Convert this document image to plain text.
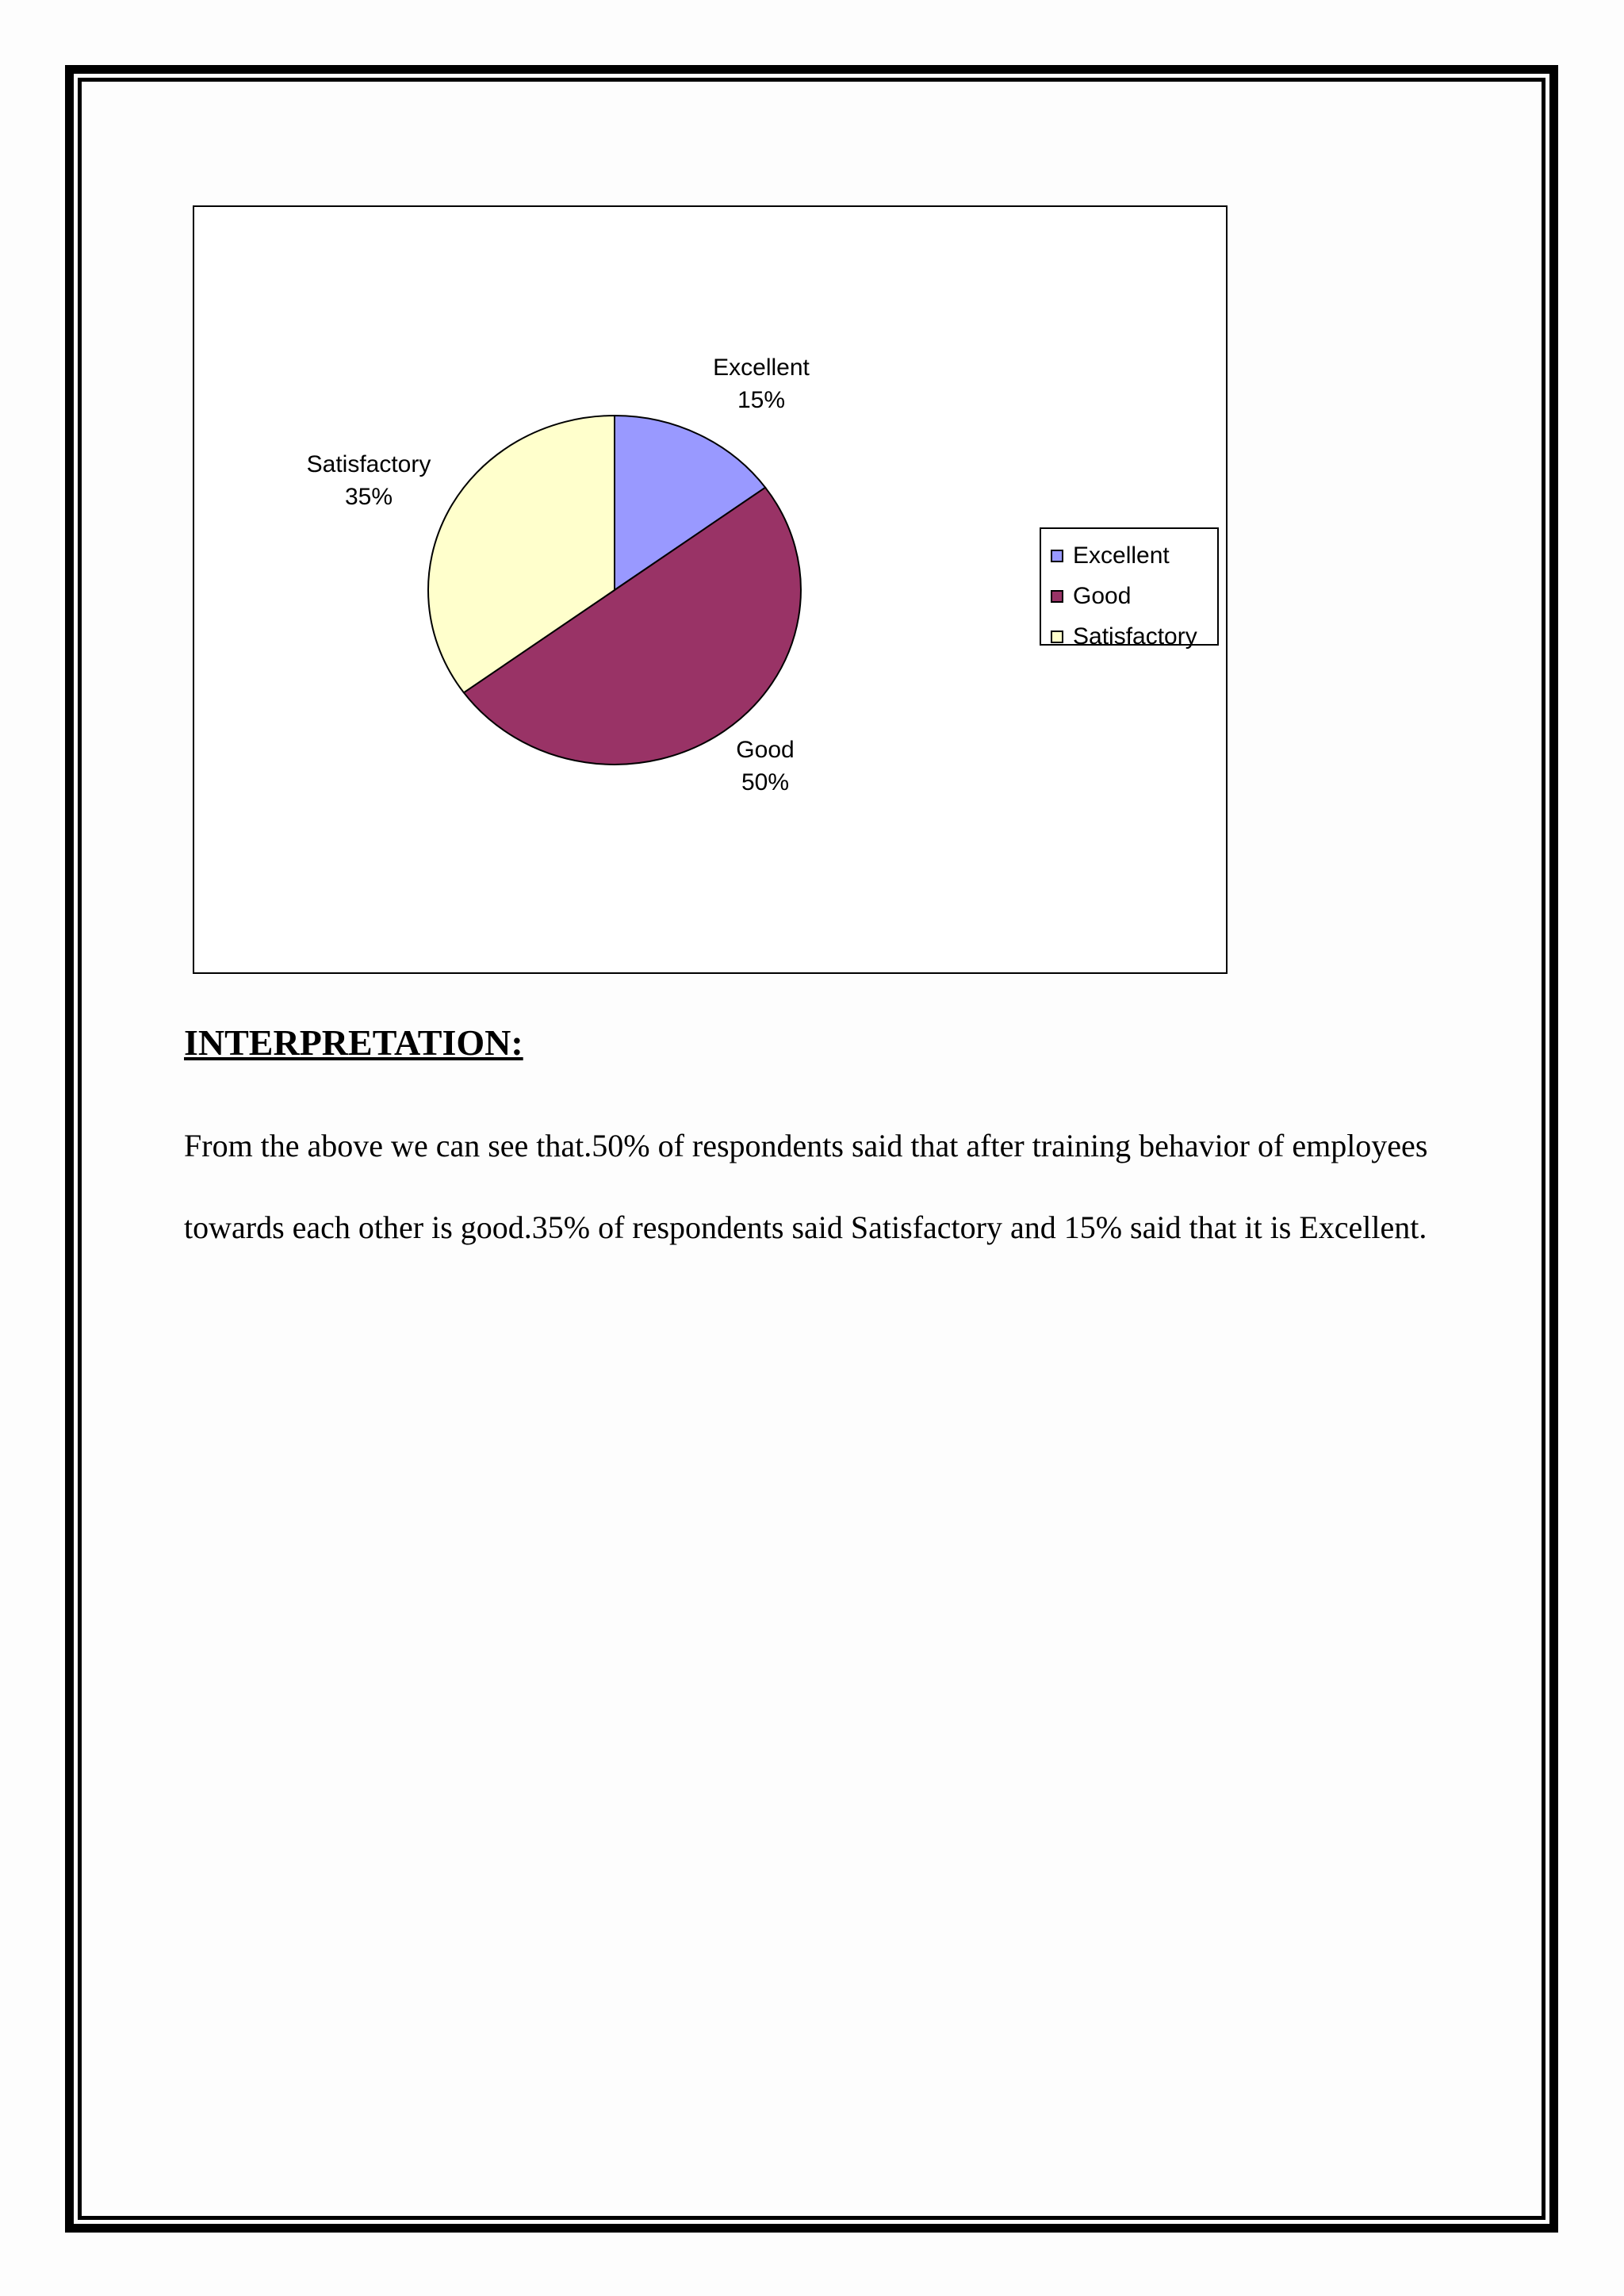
Excellent
15%
Good
50%
Satisfactory
35%
Excellent
Good
Satisfactory
INTERPRETATION:

From the above we can see that.50% of respondents said that after training behavior of employees towards each other is good.35% of respondents said Satisfactory and 15% said that it is Excellent.
